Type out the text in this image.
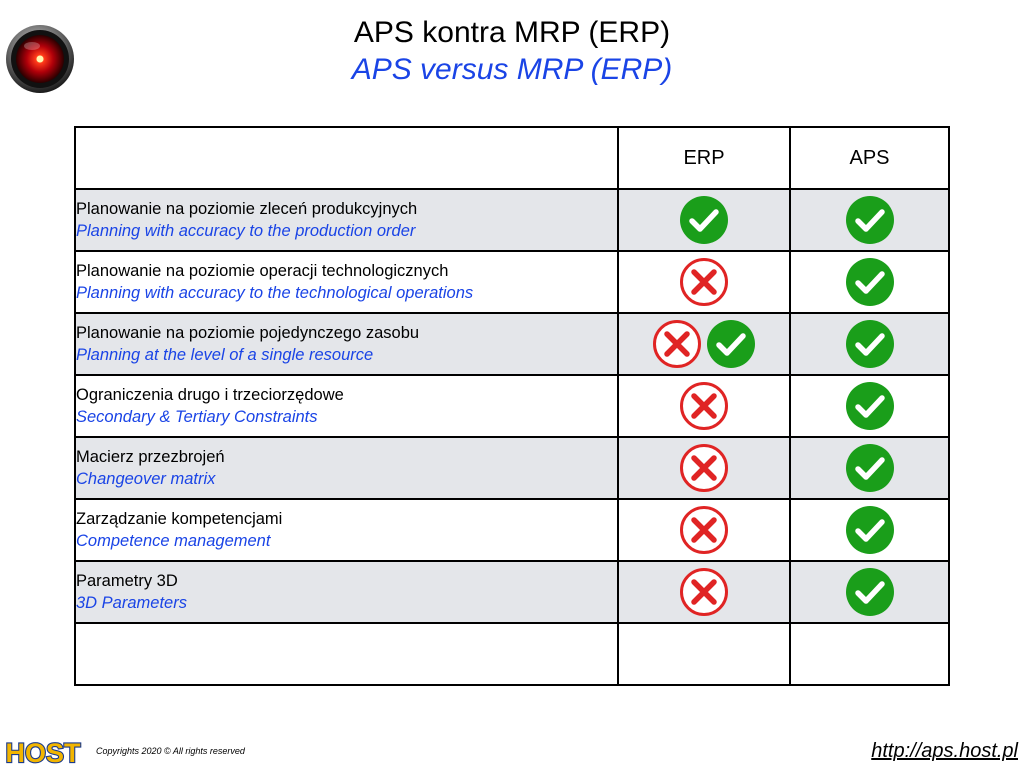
APS kontra MRP (ERP)
APS versus MRP (ERP)
	ERP	APS

Planowanie na poziomie zleceń produkcyjnych
Planning with accuracy to the production order

Planowanie na poziomie operacji technologicznych
Planning with accuracy to the technological operations

Planowanie na poziomie pojedynczego zasobu
Planning at the level of a single resource

Ograniczenia drugo i trzeciorzędowe
Secondary & Tertiary Constraints

Macierz przezbrojeń
Changeover matrix

Zarządzanie kompetencjami
Competence management

Parametry 3D
3D Parameters

HOST Copyrights 2020 © All rights reserved	http://aps.host.pl
